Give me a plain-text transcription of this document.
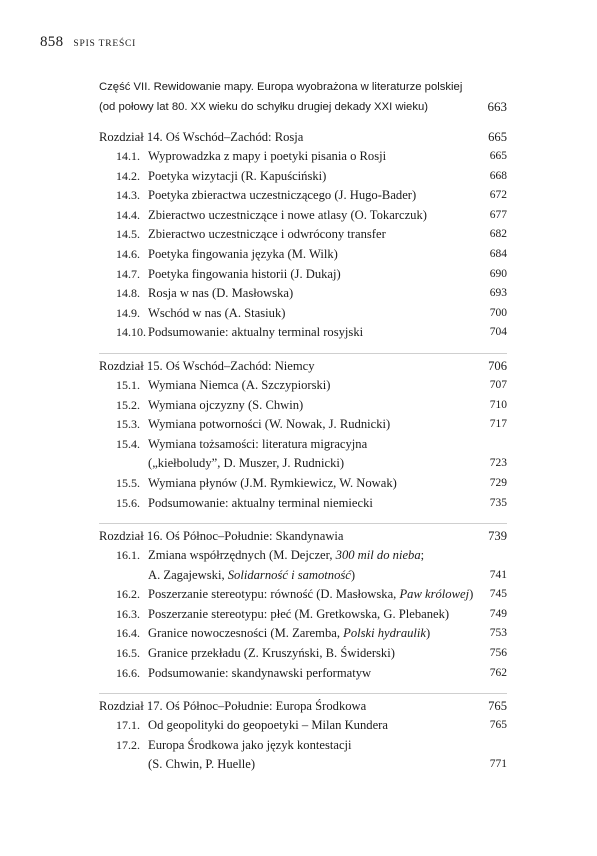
858 SPIS TREŚCI
Część VII. Rewidowanie mapy. Europa wyobrażona w literaturze polskiej
(od połowy lat 80. XX wieku do schyłku drugiej dekady XXI wieku)	663
Rozdział 14. Oś Wschód–Zachód: Rosja	665
14.1. Wyprowadzka z mapy i poetyki pisania o Rosji	665
14.2. Poetyka wizytacji (R. Kapuściński)	668
14.3. Poetyka zbieractwa uczestniczącego (J. Hugo-Bader)	672
14.4. Zbieractwo uczestniczące i nowe atlasy (O. Tokarczuk)	677
14.5. Zbieractwo uczestniczące i odwrócony transfer	682
14.6. Poetyka fingowania języka (M. Wilk)	684
14.7. Poetyka fingowania historii (J. Dukaj)	690
14.8. Rosja w nas (D. Masłowska)	693
14.9. Wschód w nas (A. Stasiuk)	700
14.10. Podsumowanie: aktualny terminal rosyjski	704
Rozdział 15. Oś Wschód–Zachód: Niemcy	706
15.1. Wymiana Niemca (A. Szczypiorski)	707
15.2. Wymiana ojczyzny (S. Chwin)	710
15.3. Wymiana potworności (W. Nowak, J. Rudnicki)	717
15.4. Wymiana tożsamości: literatura migracyjna
(„kiełboludy”, D. Muszer, J. Rudnicki)	723
15.5. Wymiana płynów (J.M. Rymkiewicz, W. Nowak)	729
15.6. Podsumowanie: aktualny terminal niemiecki	735
Rozdział 16. Oś Północ–Południe: Skandynawia	739
16.1. Zmiana współrzędnych (M. Dejczer, 300 mil do nieba;
A. Zagajewski, Solidarność i samotność)	741
16.2. Poszerzanie stereotypu: równość (D. Masłowska, Paw królowej)	745
16.3. Poszerzanie stereotypu: płeć (M. Gretkowska, G. Plebanek)	749
16.4. Granice nowoczesności (M. Zaremba, Polski hydraulik)	753
16.5. Granice przekładu (Z. Kruszyński, B. Świderski)	756
16.6. Podsumowanie: skandynawski performatyw	762
Rozdział 17. Oś Północ–Południe: Europa Środkowa	765
17.1. Od geopolityki do geopoetyki – Milan Kundera	765
17.2. Europa Środkowa jako język kontestacji
(S. Chwin, P. Huelle)	771
